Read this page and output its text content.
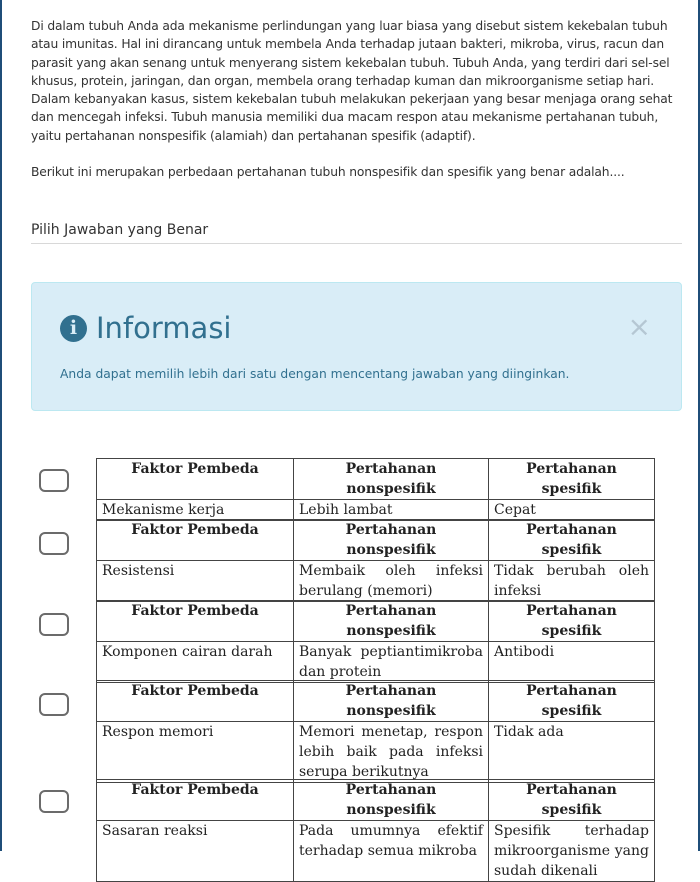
Di dalam tubuh Anda ada mekanisme perlindungan yang luar biasa yang disebut sistem kekebalan tubuh atau imunitas. Hal ini dirancang untuk membela Anda terhadap jutaan bakteri, mikroba, virus, racun dan parasit yang akan senang untuk menyerang sistem kekebalan tubuh. Tubuh Anda, yang terdiri dari sel-sel khusus, protein, jaringan, dan organ, membela orang terhadap kuman dan mikroorganisme setiap hari. Dalam kebanyakan kasus, sistem kekebalan tubuh melakukan pekerjaan yang besar menjaga orang sehat dan mencegah infeksi. Tubuh manusia memiliki dua macam respon atau mekanisme pertahanan tubuh, yaitu pertahanan nonspesifik (alamiah) dan pertahanan spesifik (adaptif).

Berikut ini merupakan perbedaan pertahanan tubuh nonspesifik dan spesifik yang benar adalah....

Pilih Jawaban yang Benar
i Informasi	×
Anda dapat memilih lebih dari satu dengan mencentang jawaban yang diinginkan.
Faktor Pembeda	Pertahanan nonspesifik	Pertahanan spesifik
Mekanisme kerja	Lebih lambat	Cepat
Faktor Pembeda	Pertahanan nonspesifik	Pertahanan spesifik
Resistensi	Membaik oleh infeksi berulang (memori)	Tidak berubah oleh infeksi
Faktor Pembeda	Pertahanan nonspesifik	Pertahanan spesifik
Komponen cairan darah	Banyak peptiantimikroba dan protein	Antibodi
Faktor Pembeda	Pertahanan nonspesifik	Pertahanan spesifik
Respon memori	Memori menetap, respon lebih baik pada infeksi serupa berikutnya	Tidak ada
Faktor Pembeda	Pertahanan nonspesifik	Pertahanan spesifik
Sasaran reaksi	Pada umumnya efektif terhadap semua mikroba	Spesifik terhadap mikroorganisme yang sudah dikenali
